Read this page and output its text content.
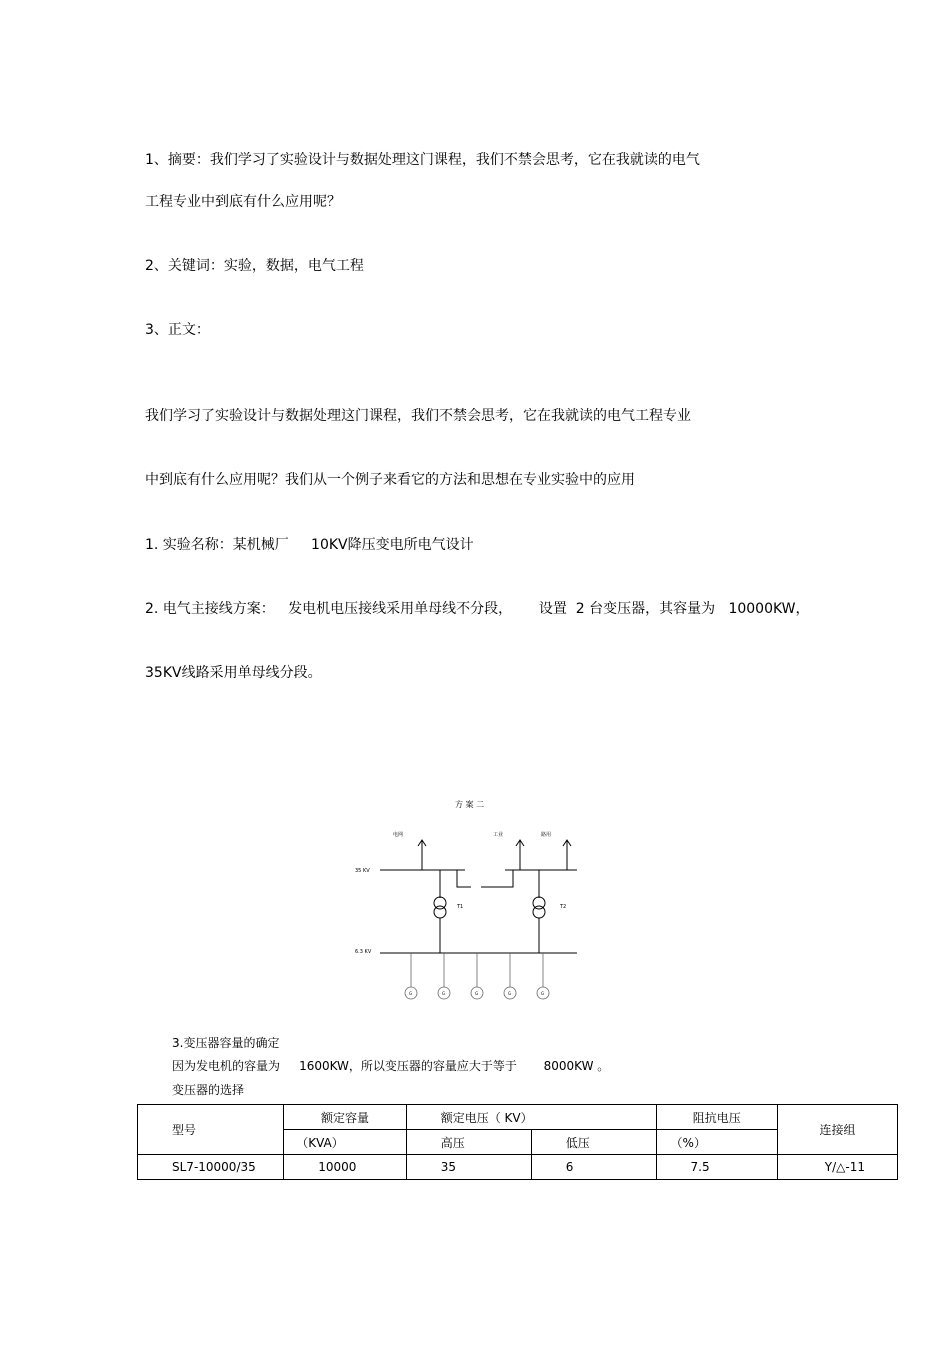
1、摘要：我们学习了实验设计与数据处理这门课程，我们不禁会思考，它在我就读的电气
工程专业中到底有什么应用呢？
2、关键词：实验，数据，电气工程
3、正文：
我们学习了实验设计与数据处理这门课程，我们不禁会思考，它在我就读的电气工程专业
中到底有什么应用呢？我们从一个例子来看它的方法和思想在专业实验中的应用
1. 实验名称：某机械厂     10KV降压变电所电气设计
2. 电气主接线方案：   发电机电压接线采用单母线不分段，      设置  2 台变压器，其容量为   10000KW，
35KV线路采用单母线分段。
方 案 二
电网	工业	路用
35 KV
6.3 KV
T1	T2
G	G	G	G	G
3.变压器容量的确定
因为发电机的容量为     1600KW，所以变压器的容量应大于等于       8000KW 。
变压器的选择
型号	额定容量	额定电压（ KV）		阻抗电压	连接组
	（KVA）	高压	低压	（%）	
SL7-10000/35	10000	35	6	7.5	Y/△-11
